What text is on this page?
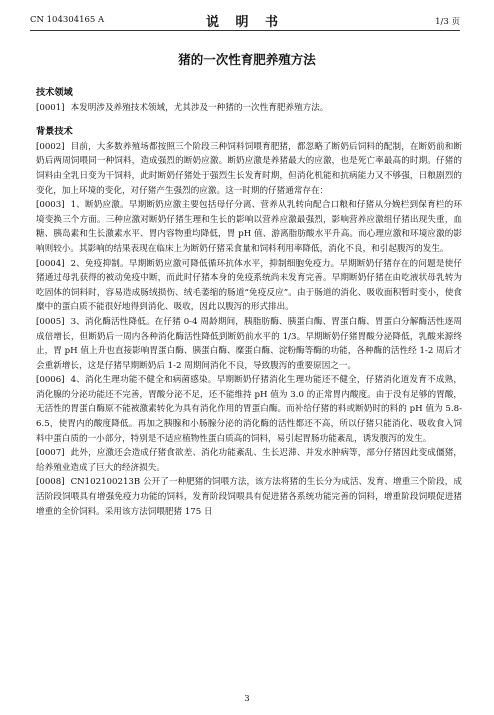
CN 104304165 A	说 明 书	1/3 页
猪的一次性育肥养殖方法
技术领域

[0001] 本发明涉及养殖技术领域，尤其涉及一种猪的一次性育肥养殖方法。

背景技术

[0002] 目前，大多数养殖场都按照三个阶段三种饲料饲喂育肥猪，都忽略了断奶后饲料的配制，在断奶前和断奶后两周饲喂同一种饲料，造成强烈的断奶应激。断奶应激是养猪最大的应激，也是死亡率最高的时期。仔猪的饲料由全乳日变为干饲料，此时断奶仔猪处于强烈生长发育时期，但消化机能和抗病能力又不够强，日粮剧烈的变化，加上环境的变化，对仔猪产生强烈的应激。这一时期的仔猪通常存在：

[0003] 1、断奶应激。早期断奶应激主要包括母仔分离、营养从乳转向配合口粮和仔猪从分娩栏到保育栏的环境变换三个方面。三种应激对断奶仔猪生理和生长的影响以营养应激最强烈，影响营养应激组仔猪出现失重，血糖、胰岛素和生长激素水平、胃内容物重均降低，胃 pH 值、游离脂肪酸水平升高。而心理应激和环境应激的影响则较小。其影响的结果表现在临床上为断奶仔猪采食量和饲料利用率降低，消化不良，和引起腹泻的发生。

[0004] 2、免疫抑制。早期断奶应激可降低循环抗体水平，抑制细胞免疫力。早期断奶仔猪存在的问题是使仔猪通过母乳获得的被动免疫中断，而此时仔猪本身的免疫系统尚未发育完善。早期断奶仔猪在由吃液状母乳转为吃固体的饲料时，容易造成肠绒损伤、绒毛萎缩的肠道“免疫反应”。由于肠道的消化、吸收面积暂时变小，使食糜中的蛋白质不能很好地得到消化、吸收，因此以腹泻的形式排出。

[0005] 3、消化酶活性降低。在仔猪 0-4 周龄期间，胰脂肪酶、胰蛋白酶、胃蛋白酶、胃蛋白分解酶活性逐周成倍增长，但断奶后一周内各种消化酶活性降低到断奶前水平的 1/3。早期断奶仔猪胃酸分泌降低，乳酸来源终止，胃 pH 值上升也直接影响胃蛋白酶、胰蛋白酶、糜蛋白酶、淀粉酶等酶的功能，各种酶的活性经 1-2 周后才会重新增长，这是仔猪早期断奶后 1-2 周期间消化不良，导致腹泻的重要原因之一。

[0006] 4、消化生理功能不健全和病菌感染。早期断奶仔猪消化生理功能还不健全，仔猪消化道发育不成熟，消化腺的分泌功能还不完善，胃酸分泌不足，还不能维持 pH 值为 3.0 的正常胃内酸度。由于没有足够的胃酸，无活性的胃蛋白酶原不能被激素转化为具有消化作用的胃蛋白酶。而补给仔猪的料或断奶时的料的 pH 值为 5.8-6.5，使胃内的酸度降低。再加之胰腺和小肠腺分泌的消化酶的活性都还不高，所以仔猪只能消化、吸收食入饲料中蛋白质的一小部分，特别是不适应植物性蛋白质高的饲料，易引起胃肠功能紊乱，诱发腹泻的发生。

[0007] 此外，应激还会造成仔猪食欲差、消化功能紊乱、生长迟滞、并发水肿病等，部分仔猪因此变成僵猪，给养殖业造成了巨大的经济损失。

[0008] CN102100213B 公开了一种肥猪的饲喂方法，该方法将猪的生长分为成活、发育、增重三个阶段，成活阶段饲喂具有增强免疫力功能的饲料，发育阶段饲喂具有促进猪各系统功能完善的饲料，增重阶段饲喂促进猪增重的全价饲料。采用该方法饲喂肥猪 175 日

3
